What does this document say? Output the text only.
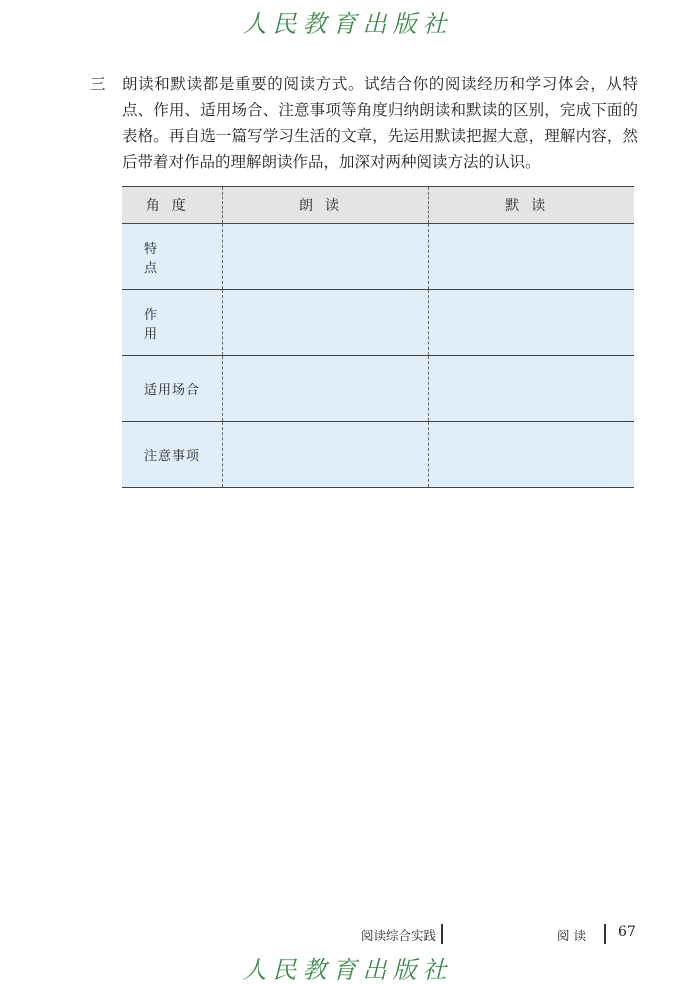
人民教育出版社
三 朗读和默读都是重要的阅读方式。试结合你的阅读经历和学习体会，从特点、作用、适用场合、注意事项等角度归纳朗读和默读的区别，完成下面的表格。再自选一篇写学习生活的文章，先运用默读把握大意，理解内容，然后带着对作品的理解朗读作品，加深对两种阅读方法的认识。
角度	朗读	默读
特点		
作用		
适用场合		
注意事项		
阅读综合实践	阅读 67
人民教育出版社
